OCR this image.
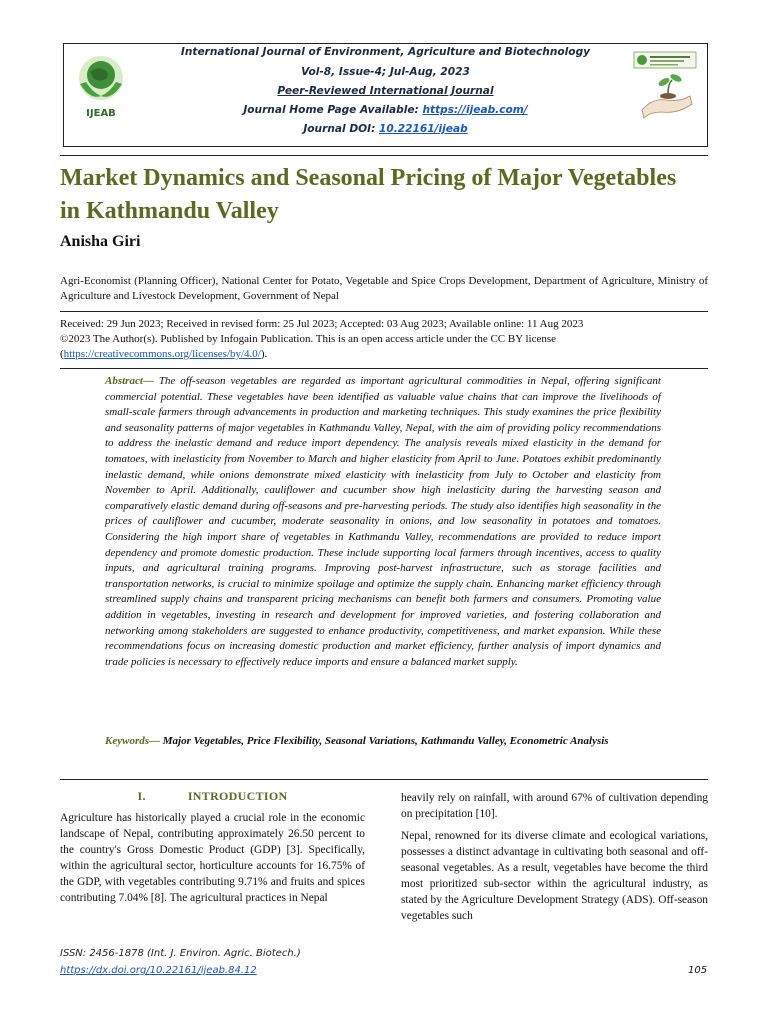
International Journal of Environment, Agriculture and Biotechnology
Vol-8, Issue-4; Jul-Aug, 2023
Peer-Reviewed International Journal
Journal Home Page Available: https://ijeab.com/
Journal DOI: 10.22161/ijeab
IJEAB
Market Dynamics and Seasonal Pricing of Major Vegetables in Kathmandu Valley
Anisha Giri
Agri-Economist (Planning Officer), National Center for Potato, Vegetable and Spice Crops Development, Department of Agriculture, Ministry of Agriculture and Livestock Development, Government of Nepal
Received: 29 Jun 2023; Received in revised form: 25 Jul 2023; Accepted: 03 Aug 2023; Available online: 11 Aug 2023
©2023 The Author(s). Published by Infogain Publication. This is an open access article under the CC BY license
(https://creativecommons.org/licenses/by/4.0/).
Abstract— The off-season vegetables are regarded as important agricultural commodities in Nepal, offering significant commercial potential. These vegetables have been identified as valuable value chains that can improve the livelihoods of small-scale farmers through advancements in production and marketing techniques. This study examines the price flexibility and seasonality patterns of major vegetables in Kathmandu Valley, Nepal, with the aim of providing policy recommendations to address the inelastic demand and reduce import dependency. The analysis reveals mixed elasticity in the demand for tomatoes, with inelasticity from November to March and higher elasticity from April to June. Potatoes exhibit predominantly inelastic demand, while onions demonstrate mixed elasticity with inelasticity from July to October and elasticity from November to April. Additionally, cauliflower and cucumber show high inelasticity during the harvesting season and comparatively elastic demand during off-seasons and pre-harvesting periods. The study also identifies high seasonality in the prices of cauliflower and cucumber, moderate seasonality in onions, and low seasonality in potatoes and tomatoes. Considering the high import share of vegetables in Kathmandu Valley, recommendations are provided to reduce import dependency and promote domestic production. These include supporting local farmers through incentives, access to quality inputs, and agricultural training programs. Improving post-harvest infrastructure, such as storage facilities and transportation networks, is crucial to minimize spoilage and optimize the supply chain. Enhancing market efficiency through streamlined supply chains and transparent pricing mechanisms can benefit both farmers and consumers. Promoting value addition in vegetables, investing in research and development for improved varieties, and fostering collaboration and networking among stakeholders are suggested to enhance productivity, competitiveness, and market expansion. While these recommendations focus on increasing domestic production and market efficiency, further analysis of import dynamics and trade policies is necessary to effectively reduce imports and ensure a balanced market supply.
Keywords— Major Vegetables, Price Flexibility, Seasonal Variations, Kathmandu Valley, Econometric Analysis
I.	INTRODUCTION

Agriculture has historically played a crucial role in the economic landscape of Nepal, contributing approximately 26.50 percent to the country's Gross Domestic Product (GDP) [3]. Specifically, within the agricultural sector, horticulture accounts for 16.75% of the GDP, with vegetables contributing 9.71% and fruits and spices contributing 7.04% [8]. The agricultural practices in Nepal

heavily rely on rainfall, with around 67% of cultivation depending on precipitation [10].

Nepal, renowned for its diverse climate and ecological variations, possesses a distinct advantage in cultivating both seasonal and off-seasonal vegetables. As a result, vegetables have become the third most prioritized sub-sector within the agricultural industry, as stated by the Agriculture Development Strategy (ADS). Off-season vegetables such

ISSN: 2456-1878 (Int. J. Environ. Agric. Biotech.)
https://dx.doi.org/10.22161/ijeab.84.12	105
